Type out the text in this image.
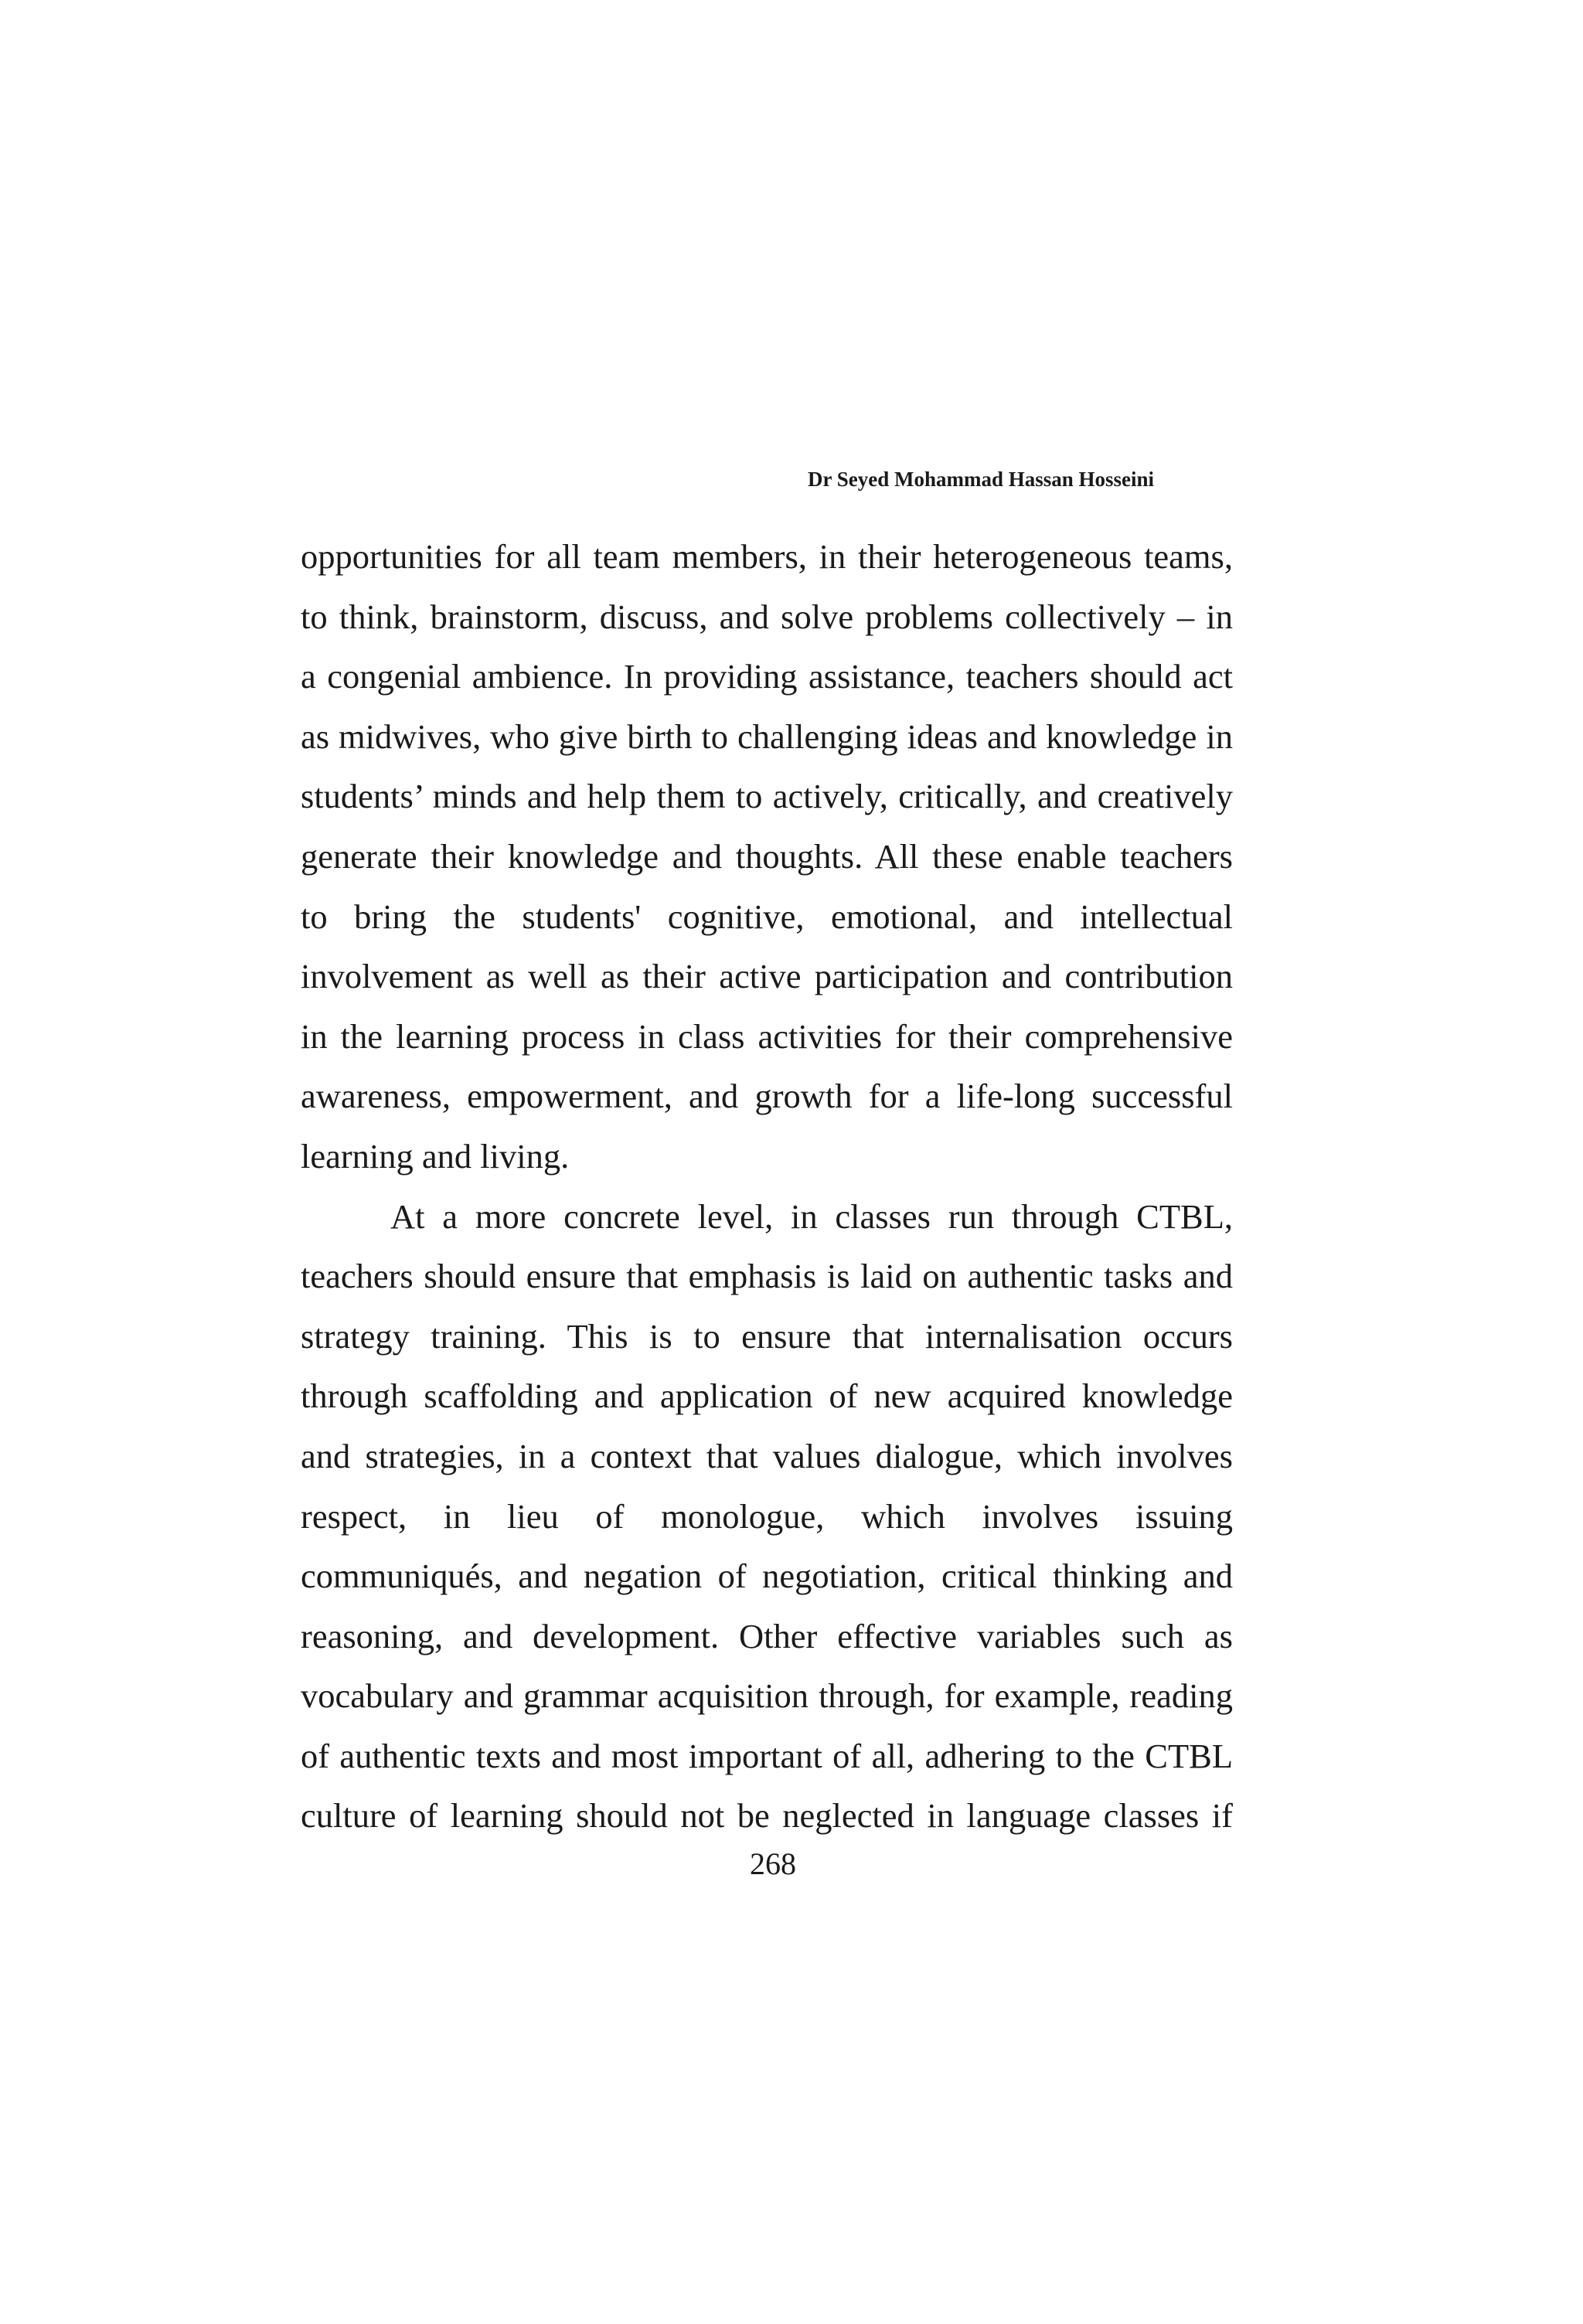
Dr Seyed Mohammad Hassan Hosseini
opportunities for all team members, in their heterogeneous teams,
to think, brainstorm, discuss, and solve problems collectively – in
a congenial ambience. In providing assistance, teachers should act
as midwives, who give birth to challenging ideas and knowledge in
students’ minds and help them to actively, critically, and creatively
generate their knowledge and thoughts. All these enable teachers
to bring the students' cognitive, emotional, and intellectual
involvement as well as their active participation and contribution
in the learning process in class activities for their comprehensive
awareness, empowerment, and growth for a life-long successful
learning and living.
At a more concrete level, in classes run through CTBL,
teachers should ensure that emphasis is laid on authentic tasks and
strategy training. This is to ensure that internalisation occurs
through scaffolding and application of new acquired knowledge
and strategies, in a context that values dialogue, which involves
respect, in lieu of monologue, which involves issuing
communiqués, and negation of negotiation, critical thinking and
reasoning, and development. Other effective variables such as
vocabulary and grammar acquisition through, for example, reading
of authentic texts and most important of all, adhering to the CTBL
culture of learning should not be neglected in language classes if
268
